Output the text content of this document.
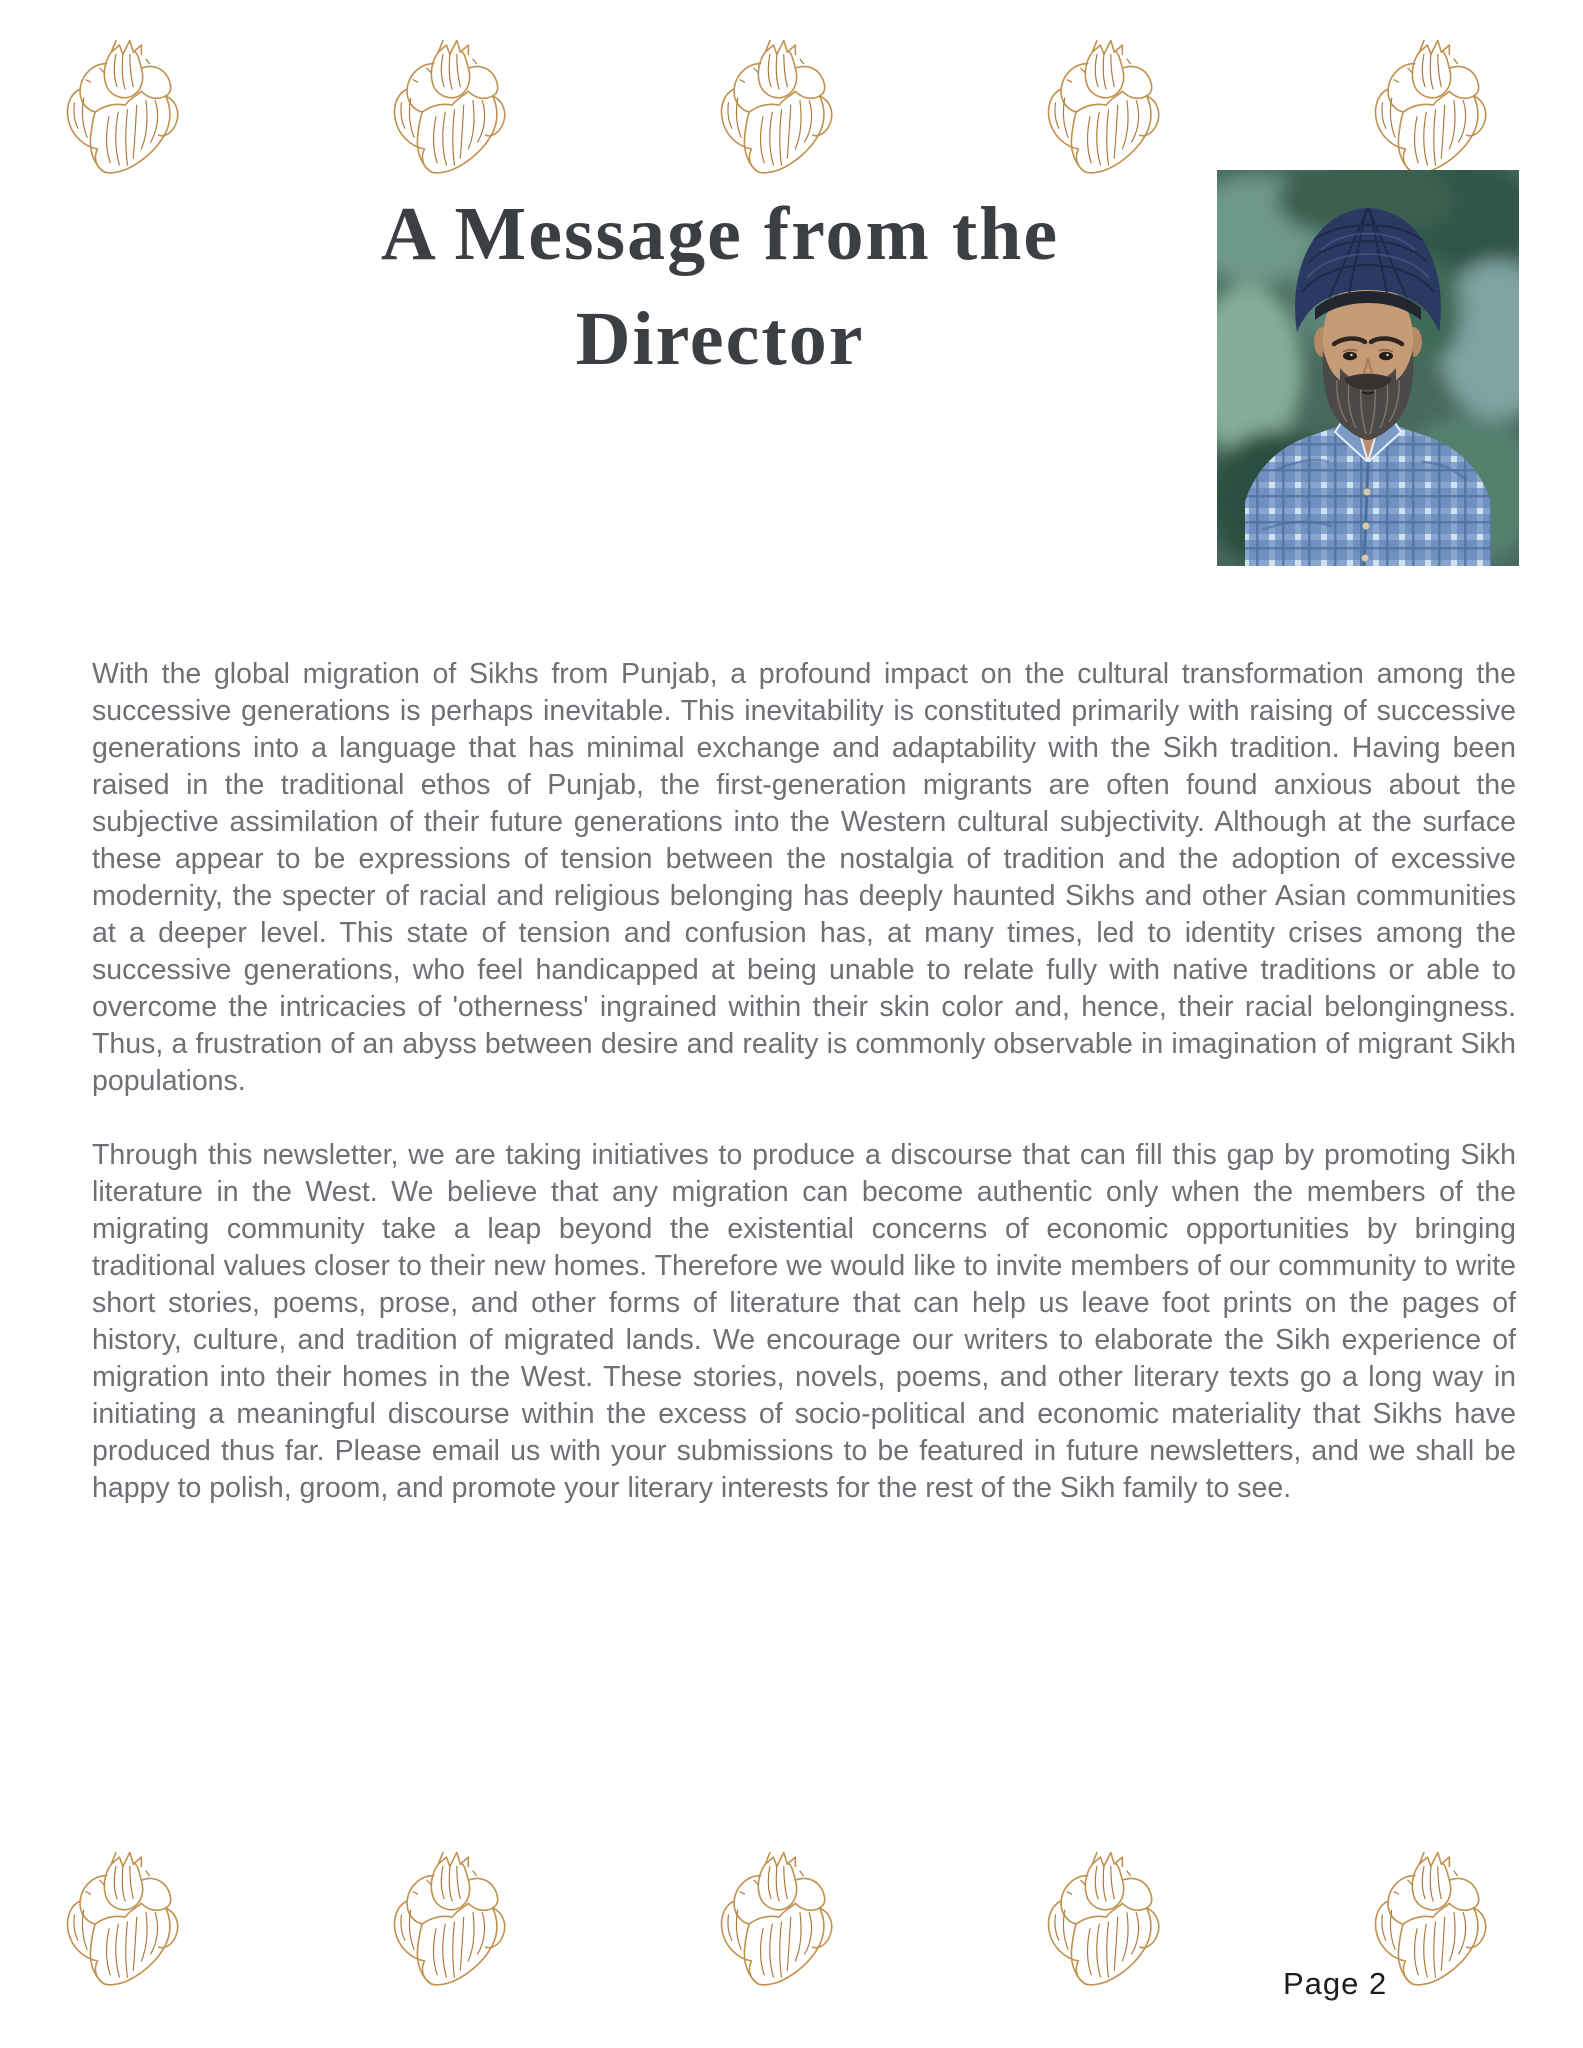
A Message from the
Director

With the global migration of Sikhs from Punjab, a profound impact on the cultural transformation among the successive generations is perhaps inevitable. This inevitability is constituted primarily with raising of successive generations into a language that has minimal exchange and adaptability with the Sikh tradition. Having been raised in the traditional ethos of Punjab, the first-generation migrants are often found anxious about the subjective assimilation of their future generations into the Western cultural subjectivity. Although at the surface these appear to be expressions of tension between the nostalgia of tradition and the adoption of excessive modernity, the specter of racial and religious belonging has deeply haunted Sikhs and other Asian communities at a deeper level. This state of tension and confusion has, at many times, led to identity crises among the successive generations, who feel handicapped at being unable to relate fully with native traditions or able to overcome the intricacies of 'otherness' ingrained within their skin color and, hence, their racial belongingness. Thus, a frustration of an abyss between desire and reality is commonly observable in imagination of migrant Sikh populations.

Through this newsletter, we are taking initiatives to produce a discourse that can fill this gap by promoting Sikh literature in the West. We believe that any migration can become authentic only when the members of the migrating community take a leap beyond the existential concerns of economic opportunities by bringing traditional values closer to their new homes. Therefore we would like to invite members of our community to write short stories, poems, prose, and other forms of literature that can help us leave foot prints on the pages of history, culture, and tradition of migrated lands. We encourage our writers to elaborate the Sikh experience of migration into their homes in the West. These stories, novels, poems, and other literary texts go a long way in initiating a meaningful discourse within the excess of socio-political and economic materiality that Sikhs have produced thus far. Please email us with your submissions to be featured in future newsletters, and we shall be happy to polish, groom, and promote your literary interests for the rest of the Sikh family to see.

Page 2
